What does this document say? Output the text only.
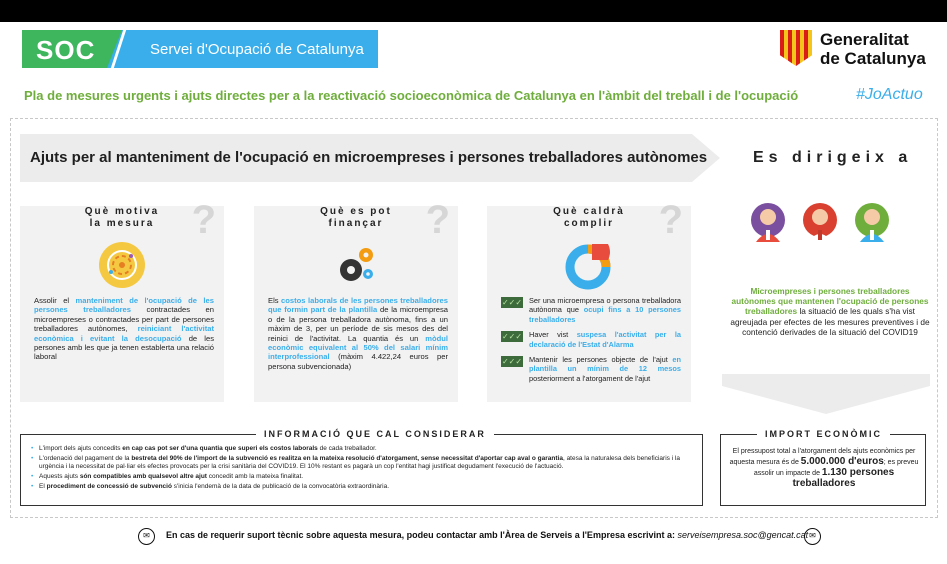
SOC	Servei d'Ocupació de Catalunya
Generalitat
de Catalunya
Pla de mesures urgents i ajuts directes per a la reactivació socioeconòmica de Catalunya en l'àmbit del treball i de l'ocupació	#JoActuo
Ajuts per al manteniment de l'ocupació en microempreses i persones treballadores autònomes	Es dirigeix a
?
Què motiva
la mesura
Assolir el manteniment de l'ocupació de les persones treballadores contractades en microempreses o contractades per part de persones treballadores autònomes, reiniciant l'activitat econòmica i evitant la desocupació de les persones amb les que ja tenen establerta una relació laboral
?
Què es pot
finançar
Els costos laborals de les persones treballadores que formin part de la plantilla de la microempresa o de la persona treballadora autònoma, fins a un màxim de 3, per un període de sis mesos des del reinici de l'activitat. La quantia és un mòdul econòmic equivalent al 50% del salari mínim interprofessional (màxim 4.422,24 euros per persona subvencionada)
?
Què caldrà
complir
✓✓✓ Ser una microempresa o persona treballadora autònoma que ocupi fins a 10 persones treballadores
✓✓✓ Haver vist suspesa l'activitat per la declaració de l'Estat d'Alarma
✓✓✓ Mantenir les persones objecte de l'ajut en plantilla un mínim de 12 mesos posteriorment a l'atorgament de l'ajut
Microempreses i persones treballadores autònomes que mantenen l'ocupació de persones treballadores la situació de les quals s'ha vist agreujada per efectes de les mesures preventives i de contenció derivades de la situació del COVID19
INFORMACIÓ QUE CAL CONSIDERAR
• L'import dels ajuts concedits en cap cas pot ser d'una quantia que superi els costos laborals de cada treballador.
• L'ordenació del pagament de la bestreta del 90% de l'import de la subvenció es realitza en la mateixa resolució d'atorgament, sense necessitat d'aportar cap aval o garantia, atesa la naturalesa dels beneficiaris i la urgència i la necessitat de pal·liar els efectes provocats per la crisi sanitària del COVID19. El 10% restant es pagarà un cop l'entitat hagi justificat degudament l'execució de l'actuació.
• Aquests ajuts són compatibles amb qualsevol altre ajut concedit amb la mateixa finalitat.
• El procediment de concessió de subvenció s'inicia l'endemà de la data de publicació de la convocatòria extraordinària.
IMPORT ECONÒMIC
El pressupost total a l'atorgament dels ajuts econòmics per aquesta mesura és de 5.000.000 d'euros; es preveu assolir un impacte de 1.130 persones treballadores
✉	En cas de requerir suport tècnic sobre aquesta mesura, podeu contactar amb l'Àrea de Serveis a l'Empresa escrivint a: serveisempresa.soc@gencat.cat ✉
